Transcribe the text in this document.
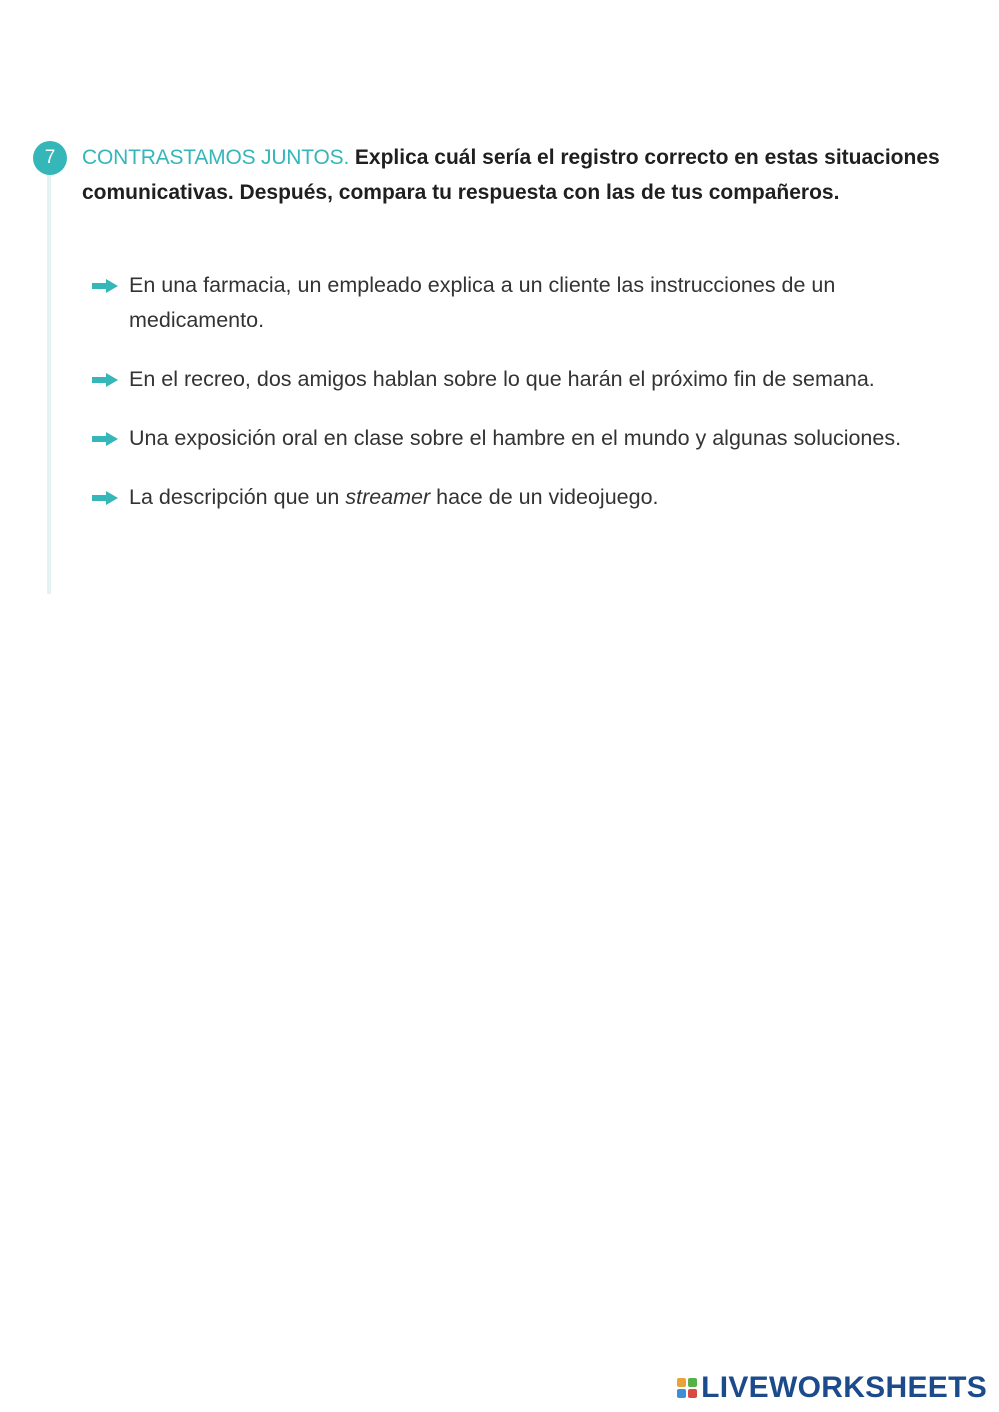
7	CONTRASTAMOS JUNTOS. Explica cuál sería el registro correcto en estas situaciones comunicativas. Después, compara tu respuesta con las de tus compañeros.
En una farmacia, un empleado explica a un cliente las instrucciones de un medicamento.
En el recreo, dos amigos hablan sobre lo que harán el próximo fin de semana.
Una exposición oral en clase sobre el hambre en el mundo y algunas soluciones.
La descripción que un streamer hace de un videojuego.
LIVEWORKSHEETS
